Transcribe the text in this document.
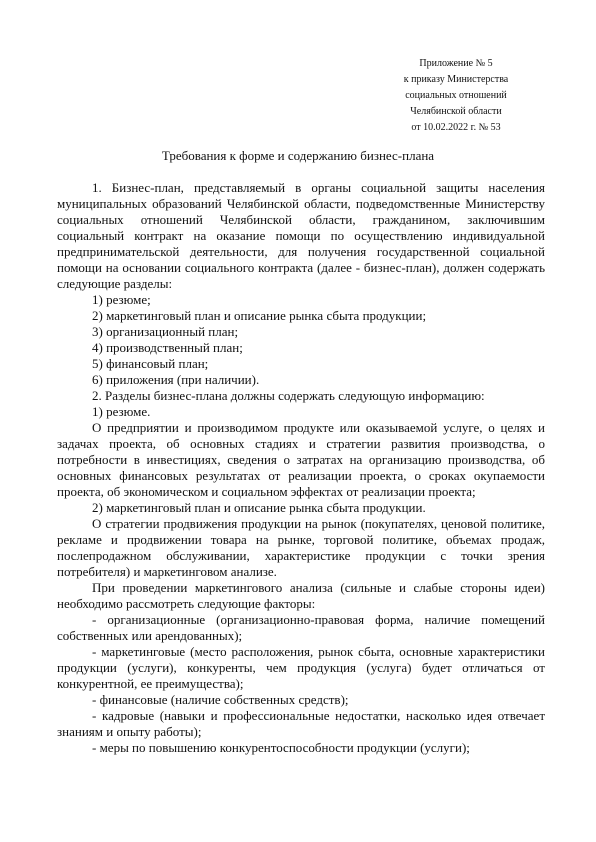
Приложение № 5
к приказу Министерства
социальных отношений
Челябинской области
от 10.02.2022 г. № 53
Требования к форме и содержанию бизнес-плана

1. Бизнес-план, представляемый в органы социальной защиты населения муниципальных образований Челябинской области, подведомственные Министерству социальных отношений Челябинской области, гражданином, заключившим социальный контракт на оказание помощи по осуществлению индивидуальной предпринимательской деятельности, для получения государственной социальной помощи на основании социального контракта (далее - бизнес-план), должен содержать следующие разделы:

1) резюме;

2) маркетинговый план и описание рынка сбыта продукции;

3) организационный план;

4) производственный план;

5) финансовый план;

6) приложения (при наличии).

2. Разделы бизнес-плана должны содержать следующую информацию:

1) резюме.

О предприятии и производимом продукте или оказываемой услуге, о целях и задачах проекта, об основных стадиях и стратегии развития производства, о потребности в инвестициях, сведения о затратах на организацию производства, об основных финансовых результатах от реализации проекта, о сроках окупаемости проекта, об экономическом и социальном эффектах от реализации проекта;

2) маркетинговый план и описание рынка сбыта продукции.

О стратегии продвижения продукции на рынок (покупателях, ценовой политике, рекламе и продвижении товара на рынке, торговой политике, объемах продаж, послепродажном обслуживании, характеристике продукции с точки зрения потребителя) и маркетинговом анализе.

При проведении маркетингового анализа (сильные и слабые стороны идеи) необходимо рассмотреть следующие факторы:

- организационные (организационно-правовая форма, наличие помещений собственных или арендованных);

- маркетинговые (место расположения, рынок сбыта, основные характеристики продукции (услуги), конкуренты, чем продукция (услуга) будет отличаться от конкурентной, ее преимущества);

- финансовые (наличие собственных средств);

- кадровые (навыки и профессиональные недостатки, насколько идея отвечает знаниям и опыту работы);

- меры по повышению конкурентоспособности продукции (услуги);
